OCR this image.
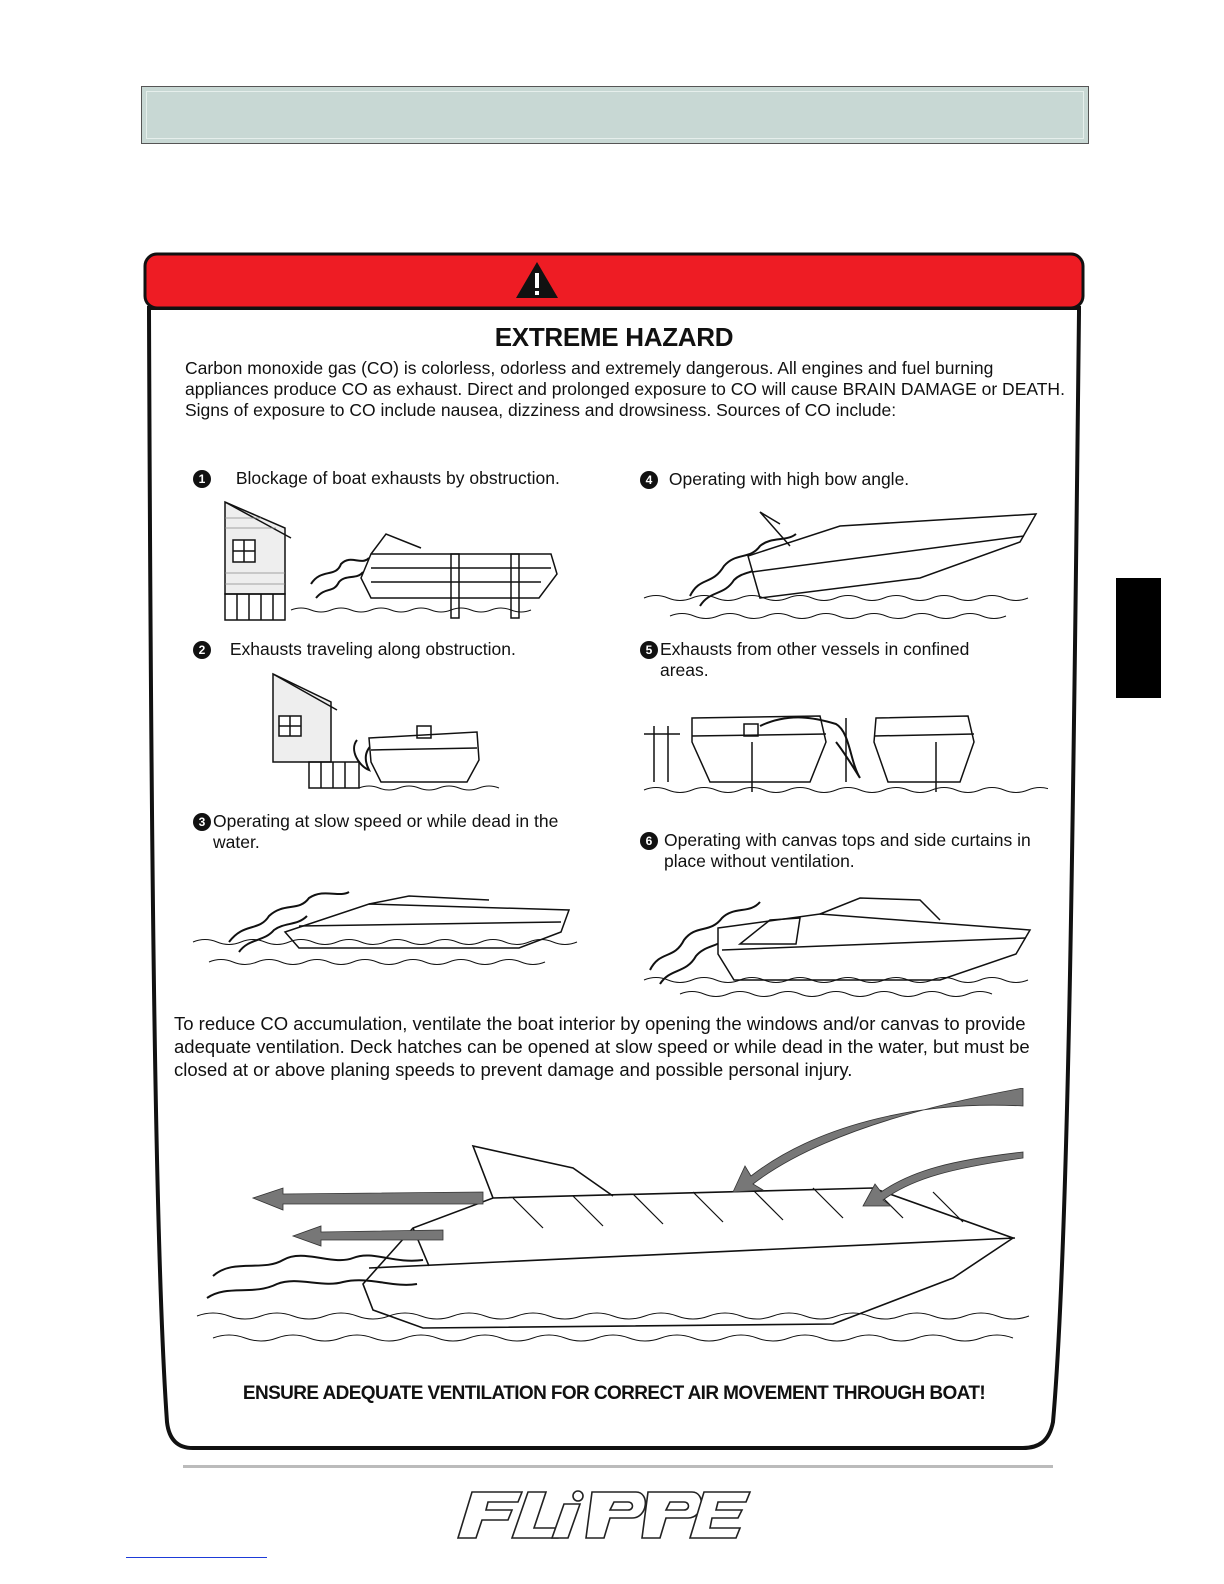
EXTREME HAZARD
Carbon monoxide gas (CO) is colorless, odorless and extremely dangerous. All engines and fuel burning appliances produce CO as exhaust. Direct and prolonged exposure to CO will cause BRAIN DAMAGE or DEATH. Signs of exposure to CO include nausea, dizziness and drowsiness. Sources of CO include:
1 Blockage of boat exhausts by obstruction.
2 Exhausts traveling along obstruction.
3 Operating at slow speed or while dead in the water.
4 Operating with high bow angle.
5 Exhausts from other vessels in confined areas.
6 Operating with canvas tops and side curtains in place without ventilation.
To reduce CO accumulation, ventilate the boat interior by opening the windows and/or canvas to provide adequate ventilation. Deck hatches can be opened at slow speed or while dead in the water, but must be closed at or above planing speeds to prevent damage and possible personal injury.
ENSURE ADEQUATE VENTILATION FOR CORRECT AIR MOVEMENT THROUGH BOAT!
